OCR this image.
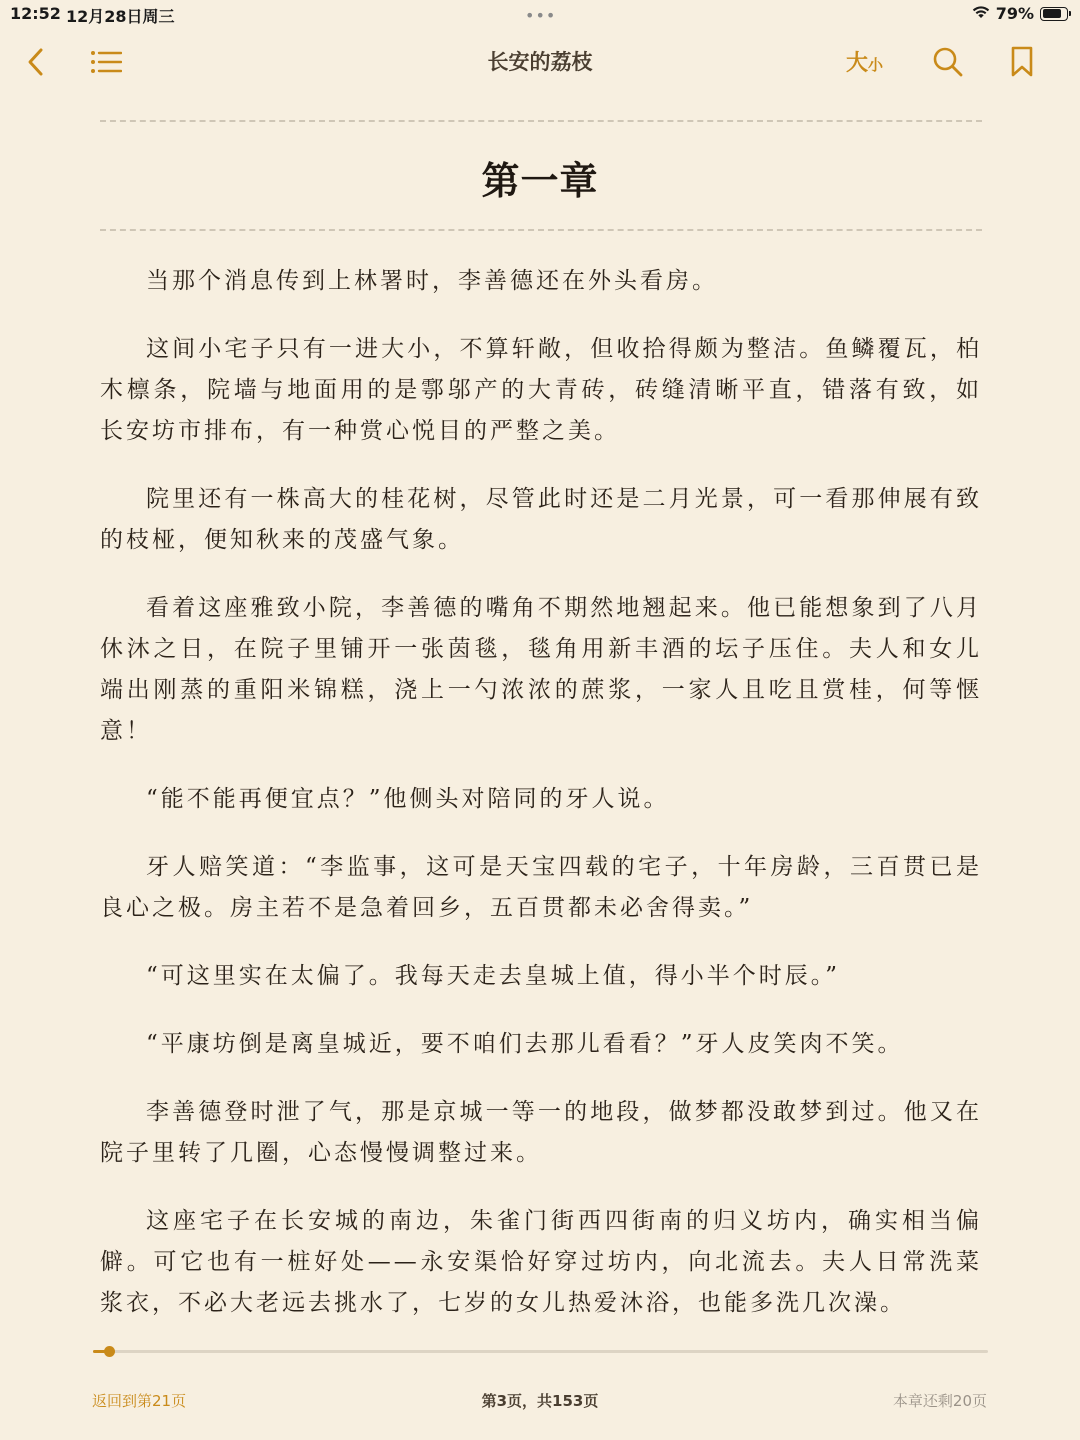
12:52 12月28日周三	•••	79%
长安的荔枝	大小
第一章

当那个消息传到上林署时，李善德还在外头看房。

这间小宅子只有一进大小，不算轩敞，但收拾得颇为整洁。鱼鳞覆瓦，柏木檩条，院墙与地面用的是鄠邬产的大青砖，砖缝清晰平直，错落有致，如长安坊市排布，有一种赏心悦目的严整之美。

院里还有一株高大的桂花树，尽管此时还是二月光景，可一看那伸展有致的枝桠，便知秋来的茂盛气象。

看着这座雅致小院，李善德的嘴角不期然地翘起来。他已能想象到了八月休沐之日，在院子里铺开一张茵毯，毯角用新丰酒的坛子压住。夫人和女儿端出刚蒸的重阳米锦糕，浇上一勺浓浓的蔗浆，一家人且吃且赏桂，何等惬意！

“能不能再便宜点？”他侧头对陪同的牙人说。

牙人赔笑道：“李监事，这可是天宝四载的宅子，十年房龄，三百贯已是良心之极。房主若不是急着回乡，五百贯都未必舍得卖。”

“可这里实在太偏了。我每天走去皇城上值，得小半个时辰。”

“平康坊倒是离皇城近，要不咱们去那儿看看？”牙人皮笑肉不笑。

李善德登时泄了气，那是京城一等一的地段，做梦都没敢梦到过。他又在院子里转了几圈，心态慢慢调整过来。

这座宅子在长安城的南边，朱雀门街西四街南的归义坊内，确实相当偏僻。可它也有一桩好处——永安渠恰好穿过坊内，向北流去。夫人日常洗菜浆衣，不必大老远去挑水了，七岁的女儿热爱沐浴，也能多洗几次澡。

返回到第21页	第3页，共153页	本章还剩20页
